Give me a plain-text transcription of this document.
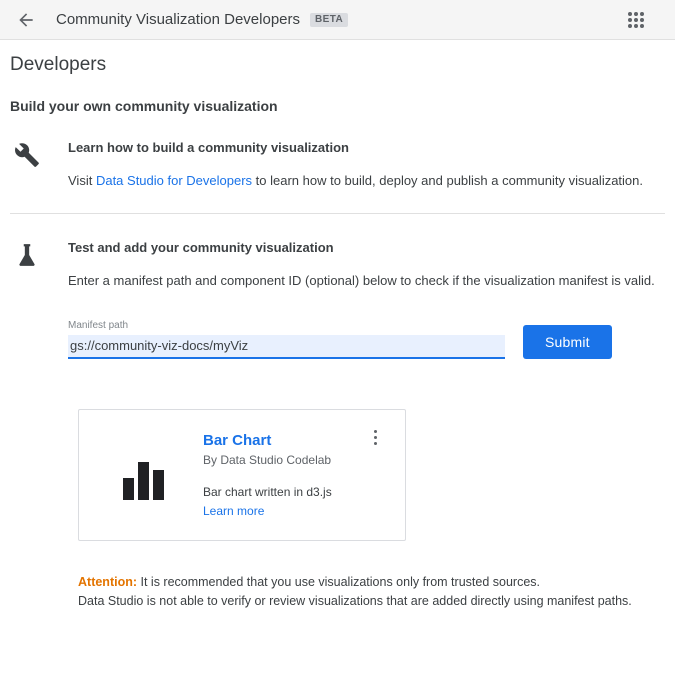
Community Visualization Developers	BETA
Developers
Build your own community visualization
Learn how to build a community visualization

Visit Data Studio for Developers to learn how to build, deploy and publish a community visualization.

Test and add your community visualization

Enter a manifest path and component ID (optional) below to check if the visualization manifest is valid.

Manifest path
gs://community-viz-docs/myViz
Submit
Bar Chart
By Data Studio Codelab
Bar chart written in d3.js
Learn more
Attention: It is recommended that you use visualizations only from trusted sources.
Data Studio is not able to verify or review visualizations that are added directly using manifest paths.
